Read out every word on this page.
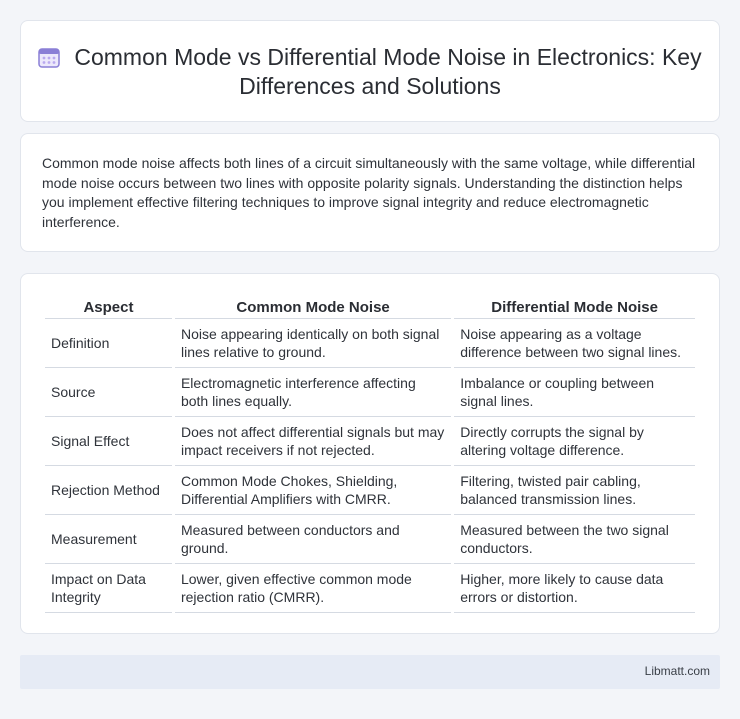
Common Mode vs Differential Mode Noise in Electronics: Key Differences and Solutions

Common mode noise affects both lines of a circuit simultaneously with the same voltage, while differential mode noise occurs between two lines with opposite polarity signals. Understanding the distinction helps you implement effective filtering techniques to improve signal integrity and reduce electromagnetic interference.

Aspect	Common Mode Noise	Differential Mode Noise
Definition	Noise appearing identically on both signal lines relative to ground.	Noise appearing as a voltage difference between two signal lines.
Source	Electromagnetic interference affecting both lines equally.	Imbalance or coupling between signal lines.
Signal Effect	Does not affect differential signals but may impact receivers if not rejected.	Directly corrupts the signal by altering voltage difference.
Rejection Method	Common Mode Chokes, Shielding, Differential Amplifiers with CMRR.	Filtering, twisted pair cabling, balanced transmission lines.
Measurement	Measured between conductors and ground.	Measured between the two signal conductors.
Impact on Data Integrity	Lower, given effective common mode rejection ratio (CMRR).	Higher, more likely to cause data errors or distortion.
Libmatt.com
